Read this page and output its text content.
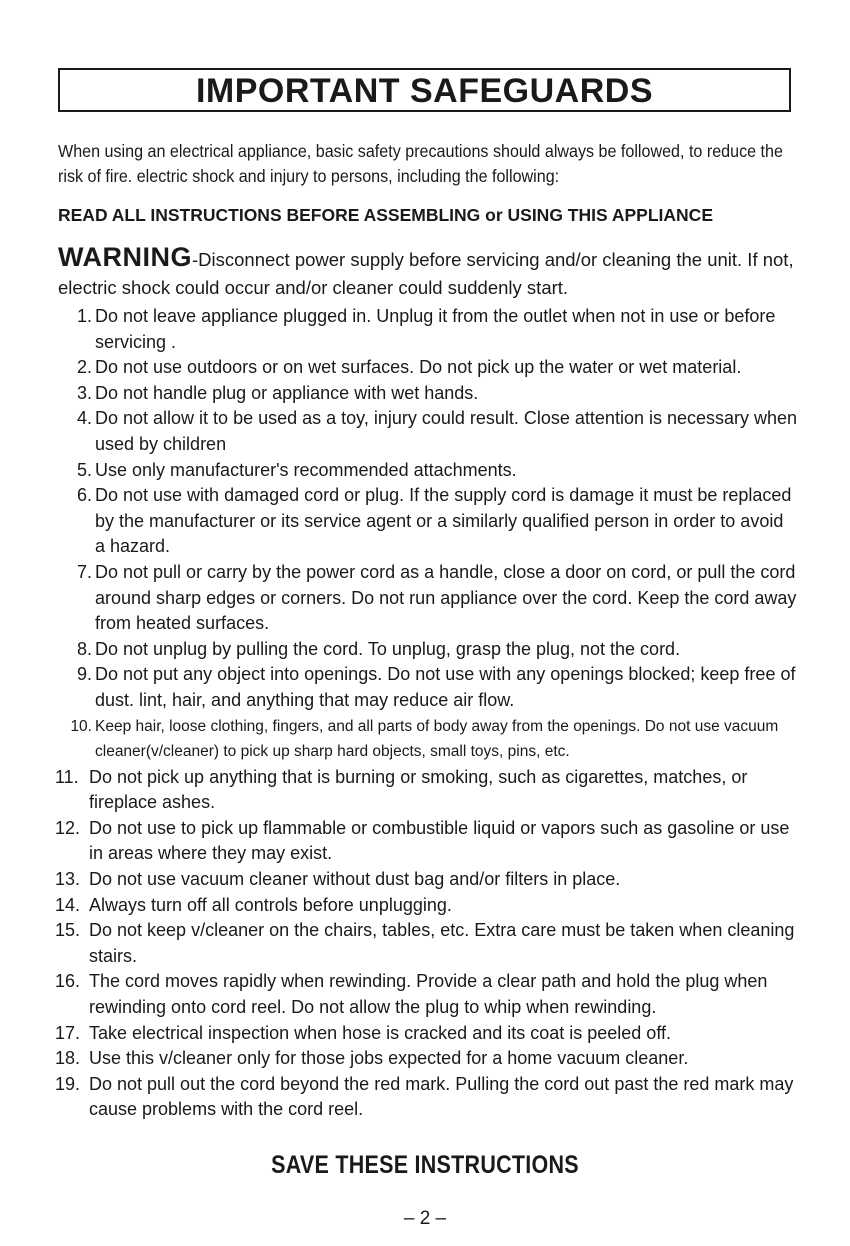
IMPORTANT SAFEGUARDS
When using an electrical appliance, basic safety precautions should always be followed, to reduce the risk of fire. electric shock and injury to persons, including the following:
READ ALL INSTRUCTIONS BEFORE ASSEMBLING or USING THIS APPLIANCE
WARNING-Disconnect power supply before servicing and/or cleaning the unit. If not, electric shock could occur and/or cleaner could suddenly start.
1. Do not leave appliance plugged in. Unplug it from the outlet when not in use or before servicing .
2. Do not use outdoors or on wet surfaces. Do not pick up the water or wet material.
3. Do not handle plug or appliance with wet hands.
4. Do not allow it to be used as a toy, injury could result. Close attention is necessary when used by children
5. Use only manufacturer's recommended attachments.
6. Do not use with damaged cord or plug. If the supply cord is damage it must be replaced by the manufacturer or its service agent or a similarly qualified person in order to avoid a hazard.
7. Do not pull or carry by the power cord as a handle, close a door on cord, or pull the cord around sharp edges or corners. Do not run appliance over the cord. Keep the cord away from heated surfaces.
8. Do not unplug by pulling the cord. To unplug, grasp the plug, not the cord.
9. Do not put any object into openings. Do not use with any openings blocked; keep free of dust. lint, hair, and anything that may reduce air flow.
10. Keep hair, loose clothing, fingers, and all parts of body away from the openings. Do not use vacuum cleaner(v/cleaner) to pick up sharp hard objects, small toys, pins, etc.
11. Do not pick up anything that is burning or smoking, such as cigarettes, matches, or fireplace ashes.
12. Do not use to pick up flammable or combustible liquid or vapors such as gasoline or use in areas where they may exist.
13. Do not use vacuum cleaner without dust bag and/or filters in place.
14. Always turn off all controls before unplugging.
15. Do not keep v/cleaner on the chairs, tables, etc. Extra care must be taken when cleaning stairs.
16. The cord moves rapidly when rewinding. Provide a clear path and hold the plug when rewinding onto cord reel. Do not allow the plug to whip when rewinding.
17. Take electrical inspection when hose is cracked and its coat is peeled off.
18. Use this v/cleaner only for those jobs expected for a home vacuum cleaner.
19. Do not pull out the cord beyond the red mark. Pulling the cord out past the red mark may cause problems with the cord reel.
SAVE THESE INSTRUCTIONS
– 2 –
